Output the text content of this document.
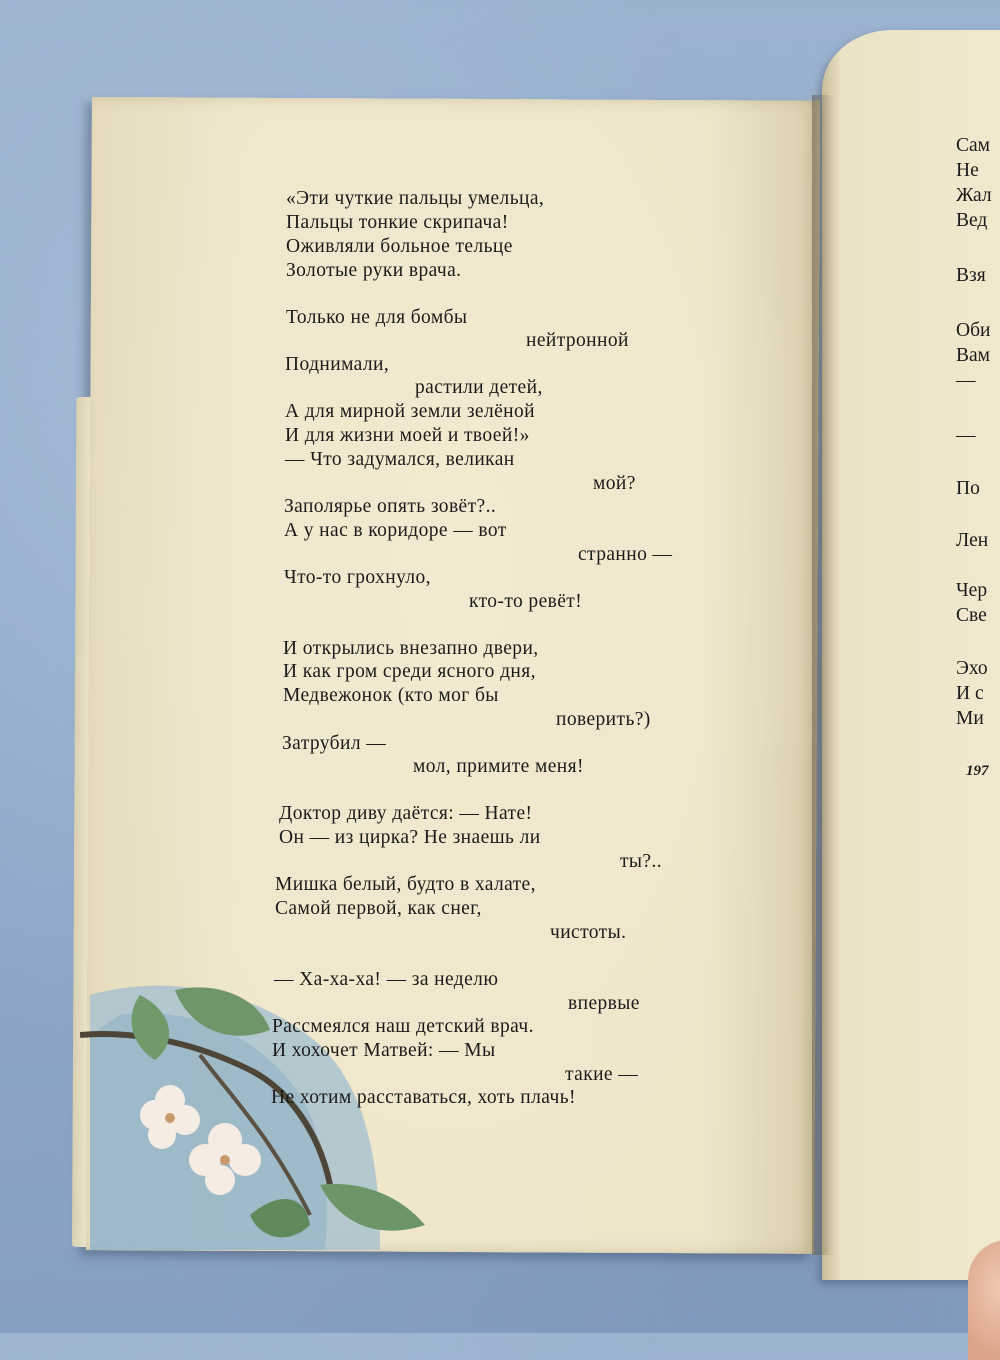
«Эти чуткие пальцы умельца,
Пальцы тонкие скрипача!
Оживляли больное тельце
Золотые руки врача.
Только не для бомбы
нейтронной
Поднимали,
растили детей,
А для мирной земли зелёной
И для жизни моей и твоей!»
— Что задумался, великан
мой?
Заполярье опять зовёт?..
А у нас в коридоре — вот
странно —
Что-то грохнуло,
кто-то ревёт!
И открылись внезапно двери,
И как гром среди ясного дня,
Медвежонок (кто мог бы
поверить?)
Затрубил —
мол, примите меня!
Доктор диву даётся: — Нате!
Он — из цирка? Не знаешь ли
ты?..
Мишка белый, будто в халате,
Самой первой, как снег,
чистоты.
— Ха-ха-ха! — за неделю
впервые
Рассмеялся наш детский врач.
И хохочет Матвей: — Мы
такие —
Не хотим расставаться, хоть плачь!
Сам
Не
Жал
Вед
Взя
Оби
Вам
—
—
По
Лен
Чер
Све
Эхо
И с
Ми
197
